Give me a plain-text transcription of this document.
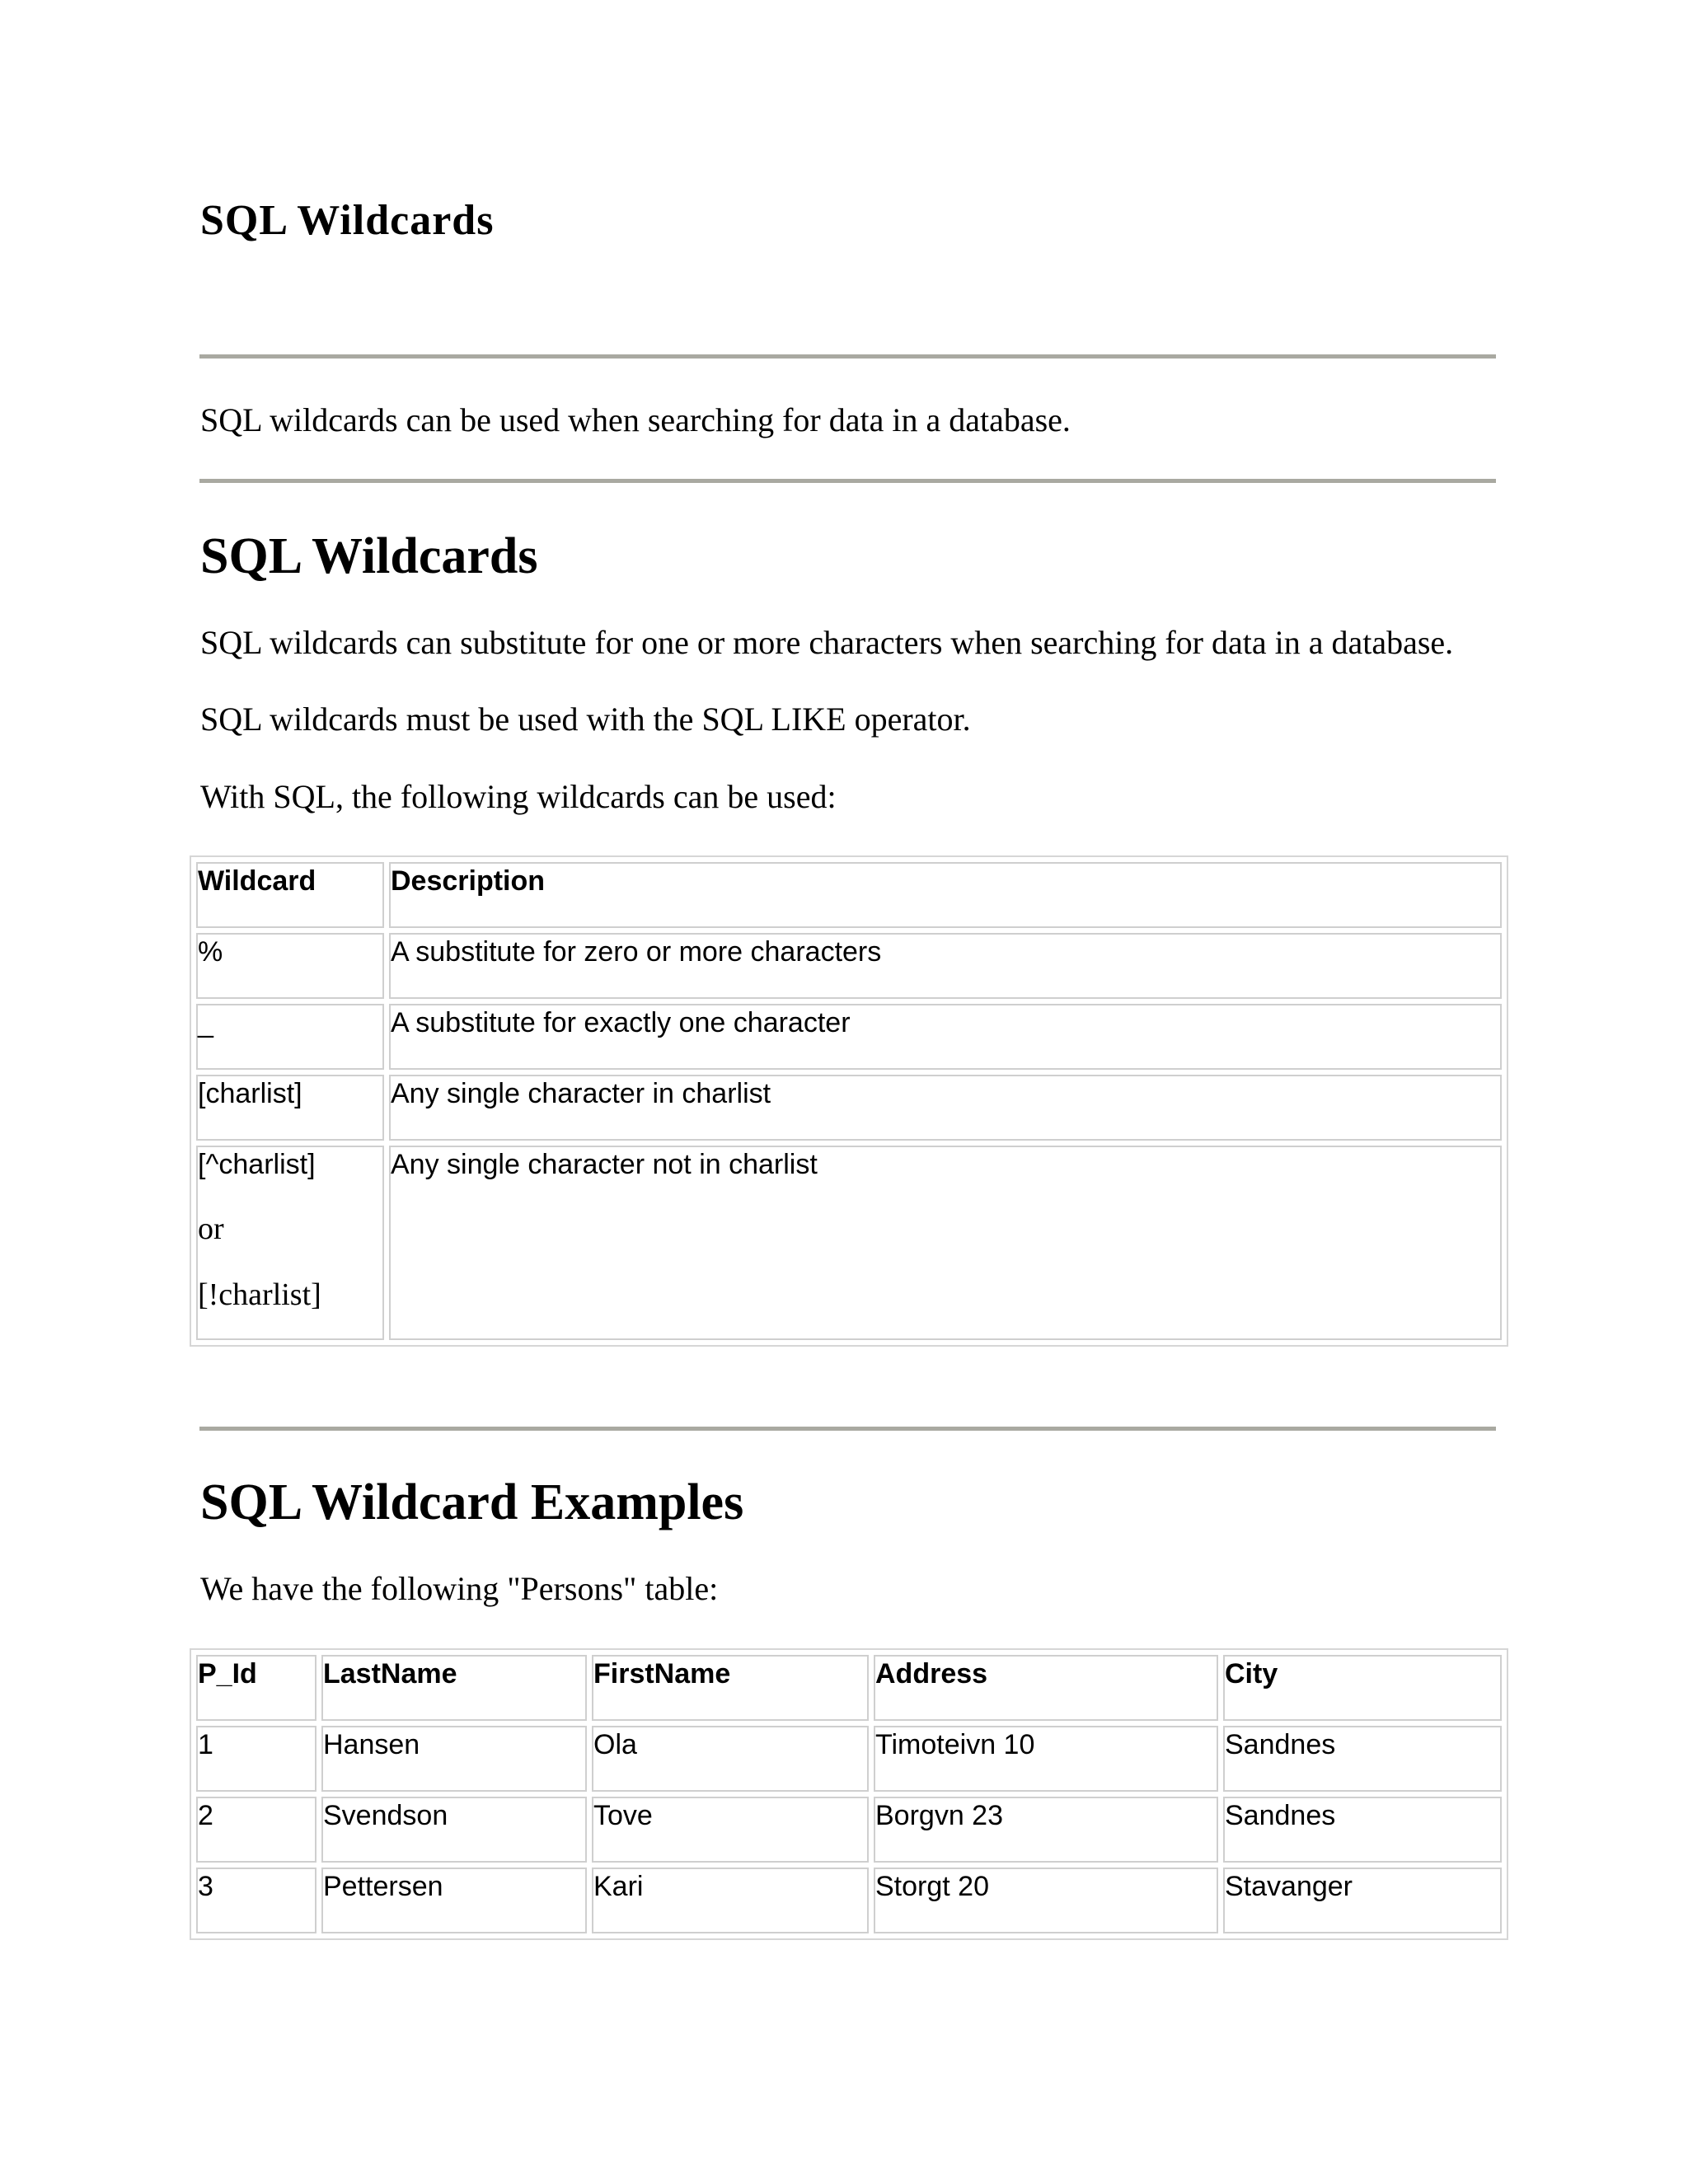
SQL Wildcards
SQL wildcards can be used when searching for data in a database.
SQL Wildcards
SQL wildcards can substitute for one or more characters when searching for data in a database.
SQL wildcards must be used with the SQL LIKE operator.
With SQL, the following wildcards can be used:
Wildcard	Description
%	A substitute for zero or more characters
_	A substitute for exactly one character
[charlist]	Any single character in charlist

[^charlist]
or
[!charlist]	Any single character not in charlist
SQL Wildcard Examples
We have the following "Persons" table:
P_Id	LastName	FirstName	Address	City
1	Hansen	Ola	Timoteivn 10	Sandnes
2	Svendson	Tove	Borgvn 23	Sandnes
3	Pettersen	Kari	Storgt 20	Stavanger
